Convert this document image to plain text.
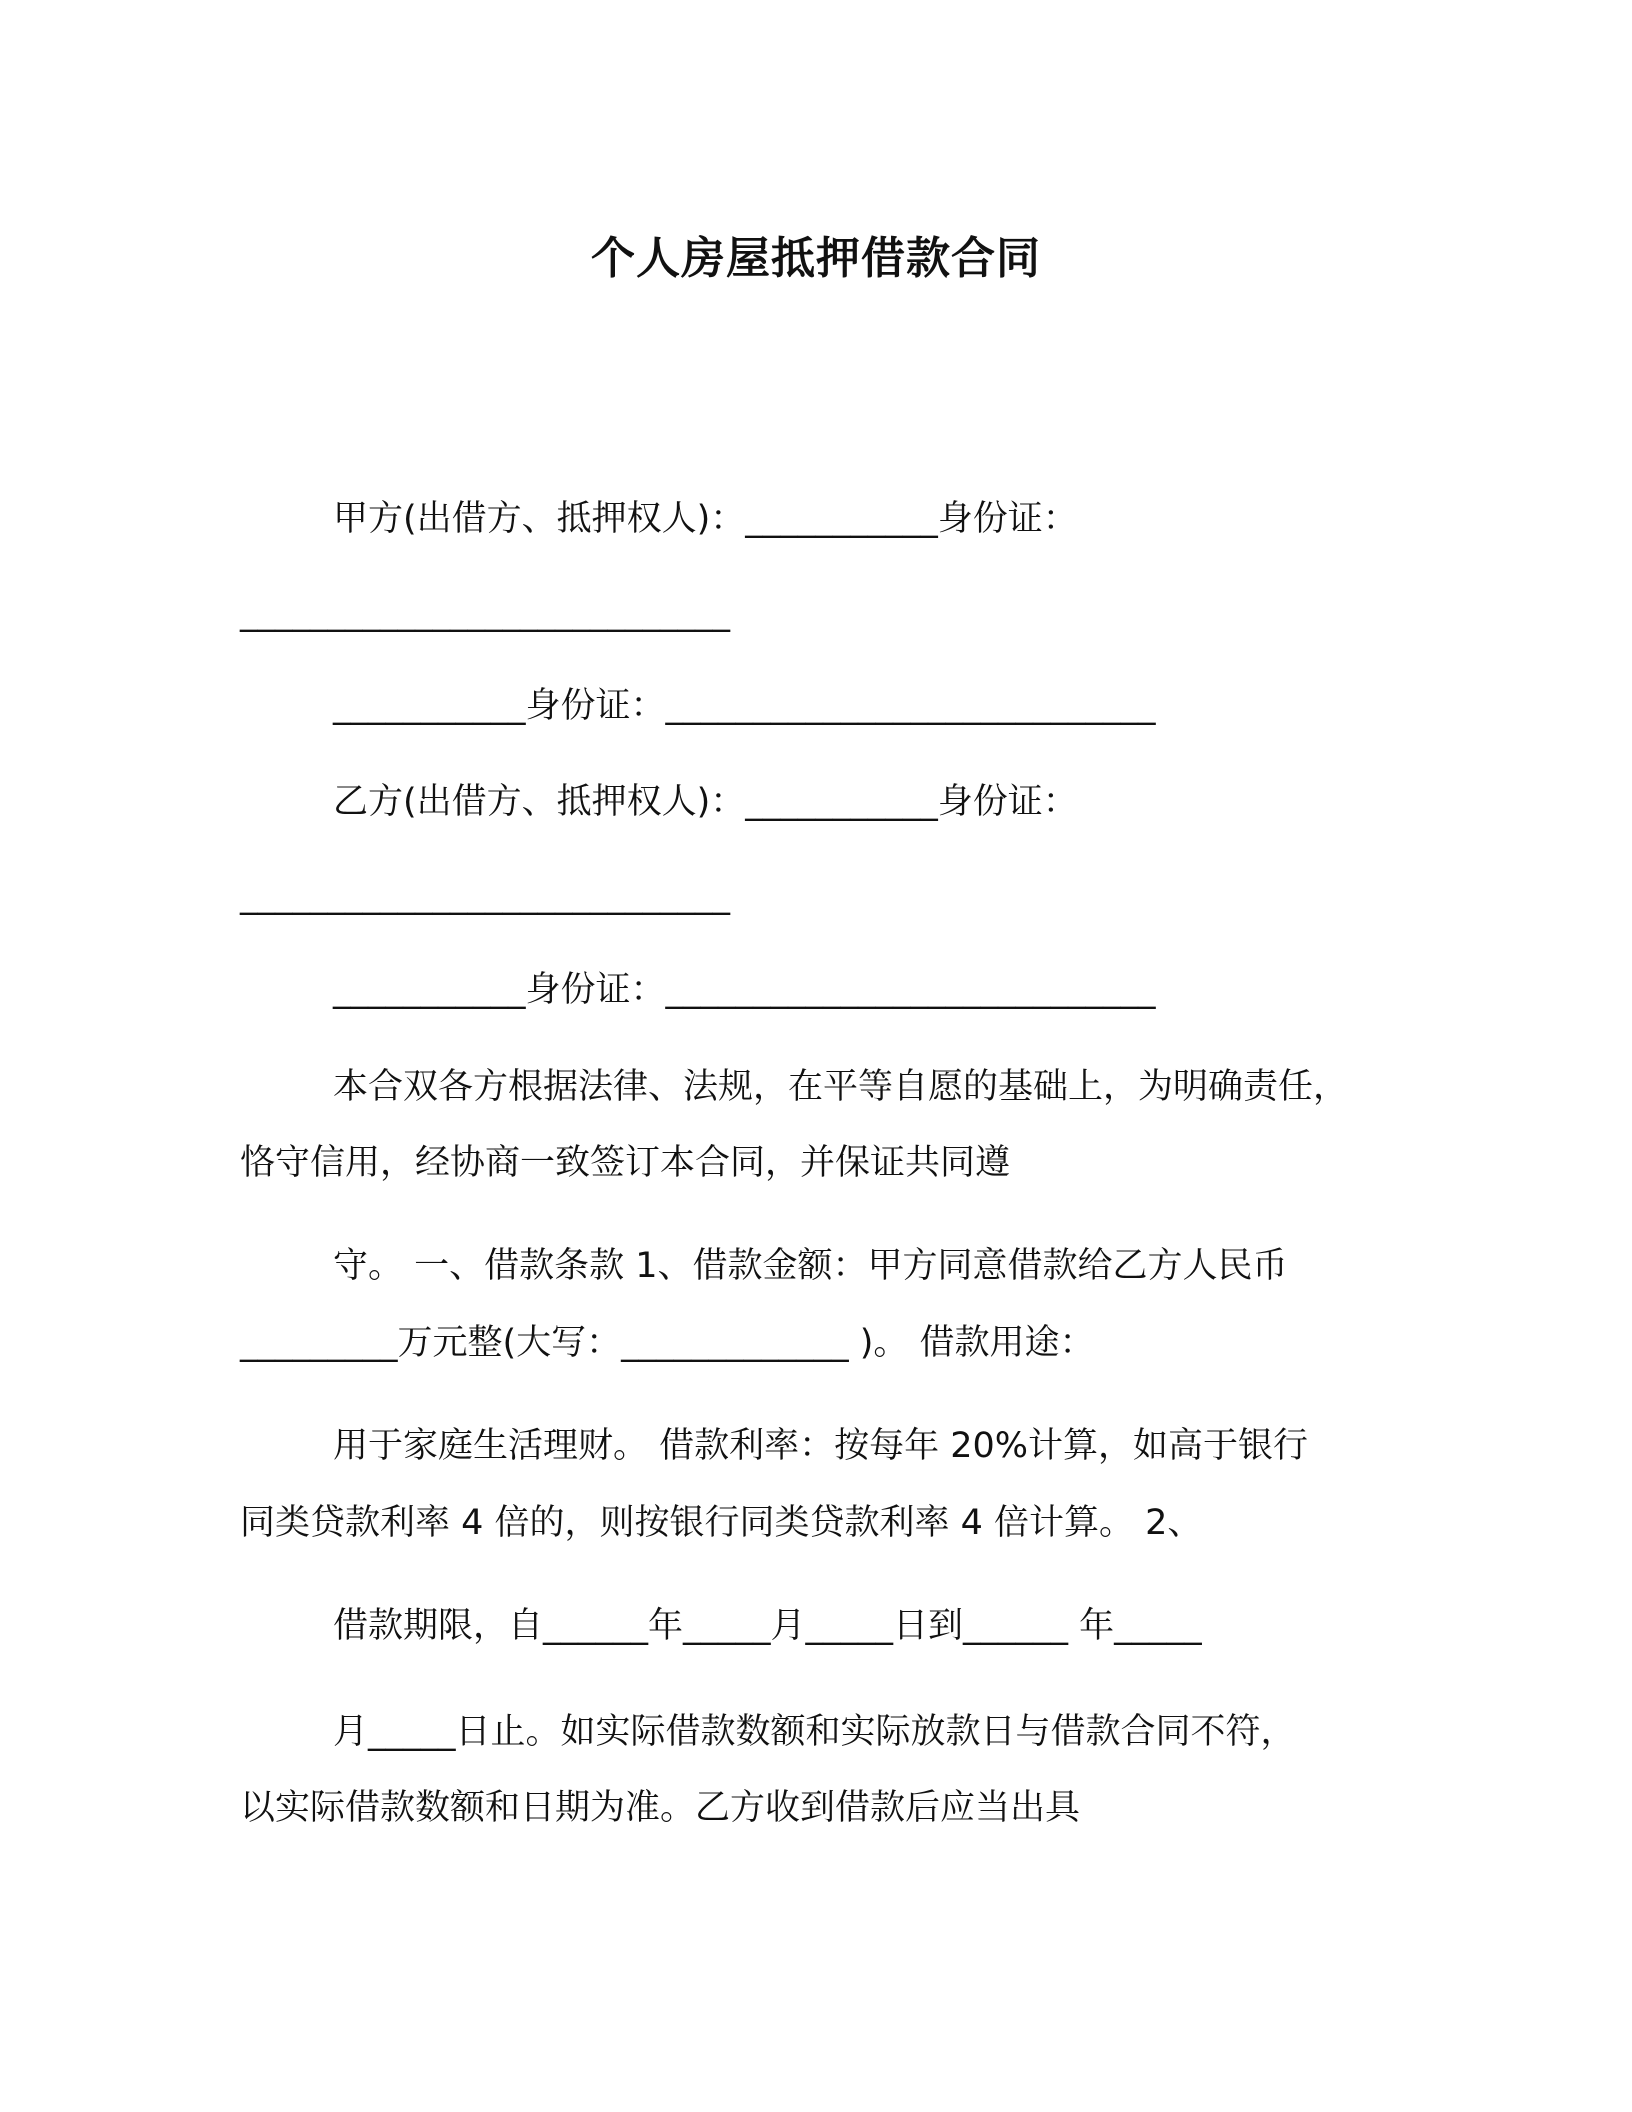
个人房屋抵押借款合同
甲方(出借方、抵押权人)：___________身份证：
____________________________
___________身份证：____________________________
乙方(出借方、抵押权人)：___________身份证：
____________________________
___________身份证：____________________________
本合双各方根据法律、法规，在平等自愿的基础上，为明确责任，
恪守信用，经协商一致签订本合同，并保证共同遵
守。 一、借款条款 1、借款金额：甲方同意借款给乙方人民币
_________万元整(大写：_____________ )。 借款用途：
用于家庭生活理财。 借款利率：按每年 20%计算，如高于银行
同类贷款利率 4 倍的，则按银行同类贷款利率 4 倍计算。 2、
借款期限，自______年_____月_____日到______ 年_____
月_____日止。如实际借款数额和实际放款日与借款合同不符，
以实际借款数额和日期为准。乙方收到借款后应当出具
